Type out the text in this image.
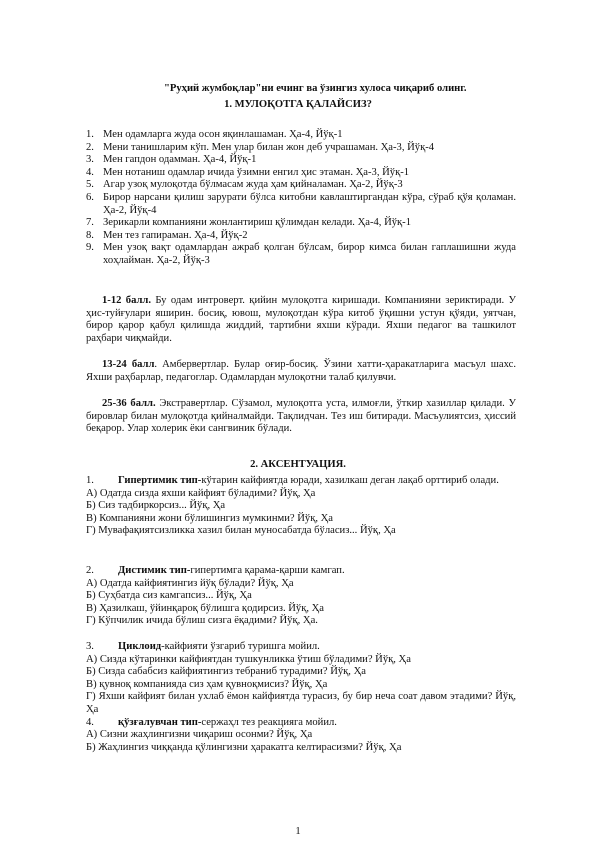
"Руҳий жумбоқлар"ни ечинг ва ўзингиз хулоса чиқариб олинг.
1. МУЛОҚОТГА ҚАЛАЙСИЗ?
1. Мен одамларга жуда осон яқинлашаман. Ҳа-4, Йўқ-1
2. Мени танишларим кўп. Мен улар билан жон деб учрашаман. Ҳа-3, Йўқ-4
3. Мен гапдон одамман. Ҳа-4, Йўқ-1
4. Мен нотаниш одамлар ичида ўзимни енгил ҳис этаман. Ҳа-3, Йўқ-1
5. Агар узоқ мулоқотда бўлмасам жуда ҳам қийналаман. Ҳа-2, Йўқ-3
6. Бирор нарсани қилиш зарурати бўлса китобни кавлаштиргандан кўра, сўраб қўя қоламан. Ҳа-2, Йўқ-4
7. Зерикарли компанияни жонлантириш қўлимдан келади. Ҳа-4, Йўқ-1
8. Мен тез гапираман. Ҳа-4, Йўқ-2
9. Мен узоқ вақт одамлардан ажраб қолган бўлсам, бирор кимса билан гаплашишни жуда хоҳлайман. Ҳа-2, Йўқ-3
1-12 балл. Бу одам интроверт. қийин мулоқотга киришади. Компанияни зериктиради. У ҳис-туйғулари яширин. босиқ, ювош, мулоқотдан кўра китоб ўқишни устун қўяди, уятчан, бирор қарор қабул қилишда жиддий, тартибни яхши кўради. Яхши педагог ва ташкилот раҳбари чиқмайди.
13-24 балл. Амбервертлар. Булар оғир-босиқ. Ўзини хатти-ҳаракатларига масъул шахс. Яхши раҳбарлар, педагоглар. Одамлардан мулоқотни талаб қилувчи.
25-36 балл. Экстравертлар. Сўзамол, мулоқотга уста, илмоғли, ўткир хазиллар қилади. У бировлар билан мулоқотда қийналмайди. Тақлидчан. Тез иш битиради. Масъулиятсиз, ҳиссий беқарор. Улар холерик ёки сангвиник бўлади.
2. АКСЕНТУАЦИЯ.
1. Гипертимик тип-кўтарин кайфиятда юради, хазилкаш деган лақаб орттириб олади.
А) Одатда сизда яхши кайфият бўладими? Йўқ, Ҳа
Б) Сиз тадбиркорсиз... Йўқ, Ҳа
В) Компанияни жони бўлишингиз мумкинми? Йўқ, Ҳа
Г) Мувафақиятсизликка хазил билан муносабатда бўласиз... Йўқ, Ҳа
2. Дистимик тип-гипертимга қарама-қарши камгап.
А) Одатда кайфиятингиз йўқ бўлади? Йўқ, Ҳа
Б) Суҳбатда сиз камгапсиз... Йўқ, Ҳа
В) Ҳазилкаш, ўйинқароқ бўлишга қодирсиз. Йўқ, Ҳа
Г) Кўпчилик ичида бўлиш сизга ёқадими? Йўқ, Ҳа.
3. Циклоид-кайфияти ўзгариб туришга мойил.
А) Сизда кўтаринки кайфиятдан тушкунликка ўтиш бўладими? Йўқ, Ҳа
Б) Сизда сабабсиз кайфиятингиз тебраниб турадими? Йўқ, Ҳа
В) қувноқ компанияда сиз ҳам қувноқмисиз? Йўқ, Ҳа
Г) Яхши кайфият билан ухлаб ёмон кайфиятда турасиз, бу бир неча соат давом этадими? Йўқ, Ҳа
4. қўзғалувчан тип-сержаҳл тез реакцияга мойил.
А) Сизни жаҳлингизни чиқариш осонми? Йўқ, Ҳа
Б) Жаҳлингиз чиққанда қўлингизни ҳаракатга келтирасизми? Йўқ, Ҳа
1
